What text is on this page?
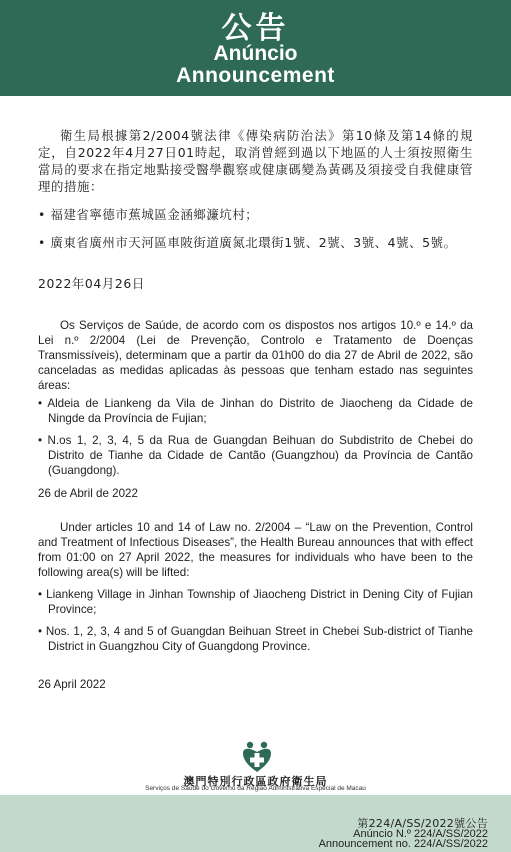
公告
Anúncio
Announcement

衛生局根據第2/2004號法律《傳染病防治法》第10條及第14條的規定，自2022年4月27日01時起，取消曾經到過以下地區的人士須按照衛生當局的要求在指定地點接受醫學觀察或健康碼變為黃碼及須接受自我健康管理的措施：

• 福建省寧德市蕉城區金涵鄉濂坑村；

• 廣東省廣州市天河區車陂街道廣氮北環街1號、2號、3號、4號、5號。

2022年04月26日

Os Serviços de Saúde, de acordo com os dispostos nos artigos 10.º e 14.º da Lei n.º 2/2004 (Lei de Prevenção, Controlo e Tratamento de Doenças Transmissíveis), determinam que a partir da 01h00 do dia 27 de Abril de 2022, são canceladas as medidas aplicadas às pessoas que tenham estado nas seguintes áreas:

• Aldeia de Liankeng da Vila de Jinhan do Distrito de Jiaocheng da Cidade de Ningde da Província de Fujian;

• N.os 1, 2, 3, 4, 5 da Rua de Guangdan Beihuan do Subdistrito de Chebei do Distrito de Tianhe da Cidade de Cantão (Guangzhou) da Província de Cantão (Guangdong).

26 de Abril de 2022

Under articles 10 and 14 of Law no. 2/2004 – “Law on the Prevention, Control and Treatment of Infectious Diseases”, the Health Bureau announces that with effect from 01:00 on 27 April 2022, the measures for individuals who have been to the following area(s) will be lifted:

• Liankeng Village in Jinhan Township of Jiaocheng District in Dening City of Fujian Province;

• Nos. 1, 2, 3, 4 and 5 of Guangdan Beihuan Street in Chebei Sub-district of Tianhe District in Guangzhou City of Guangdong Province.

26 April 2022

澳門特別行政區政府衛生局
Serviços de Saúde do Governo da Região Administrativa Especial de Macau
第224/A/SS/2022號公告
Anúncio N.º 224/A/SS/2022
Announcement no. 224/A/SS/2022
